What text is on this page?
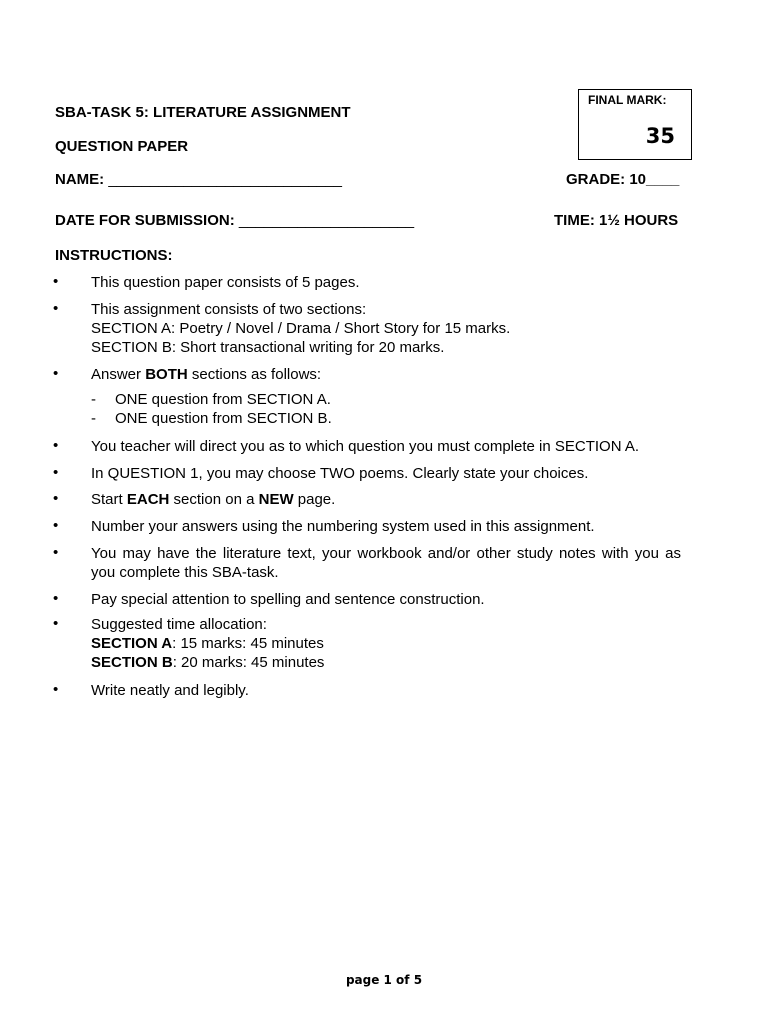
SBA-TASK 5: LITERATURE ASSIGNMENT
QUESTION PAPER
FINAL MARK:
35
NAME: ____________________________	GRADE: 10____
DATE FOR SUBMISSION: _____________________	TIME: 1½ HOURS
INSTRUCTIONS:
• This question paper consists of 5 pages.
• This assignment consists of two sections:
SECTION A: Poetry / Novel / Drama / Short Story for 15 marks.
SECTION B: Short transactional writing for 20 marks.
• Answer BOTH sections as follows:
- ONE question from SECTION A.
- ONE question from SECTION B.
• You teacher will direct you as to which question you must complete in SECTION A.
• In QUESTION 1, you may choose TWO poems. Clearly state your choices.
• Start EACH section on a NEW page.
• Number your answers using the numbering system used in this assignment.
• You may have the literature text, your workbook and/or other study notes with you as
you complete this SBA-task.
• Pay special attention to spelling and sentence construction.
• Suggested time allocation:
SECTION A: 15 marks: 45 minutes
SECTION B: 20 marks: 45 minutes
• Write neatly and legibly.
page 1 of 5
